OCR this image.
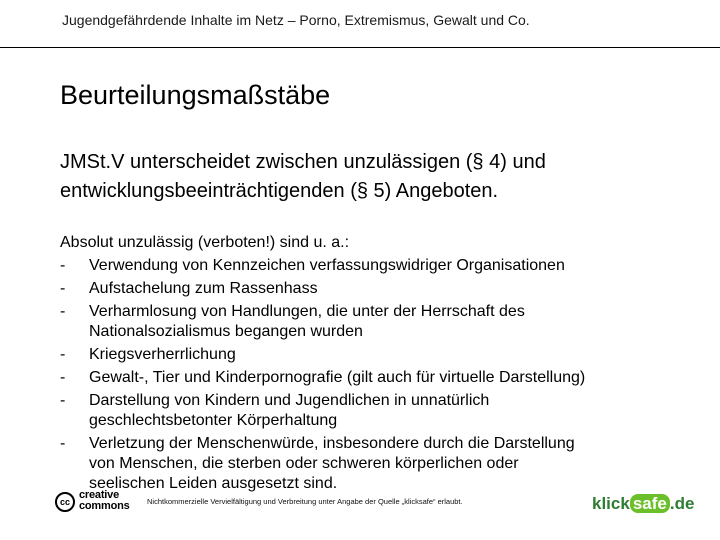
Jugendgefährdende Inhalte im Netz – Porno, Extremismus, Gewalt und Co.
Beurteilungsmaßstäbe
JMSt.V unterscheidet zwischen unzulässigen (§ 4) und
entwicklungsbeeinträchtigenden (§ 5) Angeboten.
Absolut unzulässig (verboten!) sind u. a.:
- Verwendung von Kennzeichen verfassungswidriger Organisationen
- Aufstachelung zum Rassenhass
- Verharmlosung von Handlungen, die unter der Herrschaft des
Nationalsozialismus begangen wurden
- Kriegsverherrlichung
- Gewalt-, Tier und Kinderpornografie (gilt auch für virtuelle Darstellung)
- Darstellung von Kindern und Jugendlichen in unnatürlich
geschlechtsbetonter Körperhaltung
- Verletzung der Menschenwürde, insbesondere durch die Darstellung
von Menschen, die sterben oder schweren körperlichen oder
seelischen Leiden ausgesetzt sind.
cc
creative
commons Nichtkommerzielle Vervielfältigung und Verbreitung unter Angabe der Quelle „klicksafe“ erlaubt.	klick safe .de
